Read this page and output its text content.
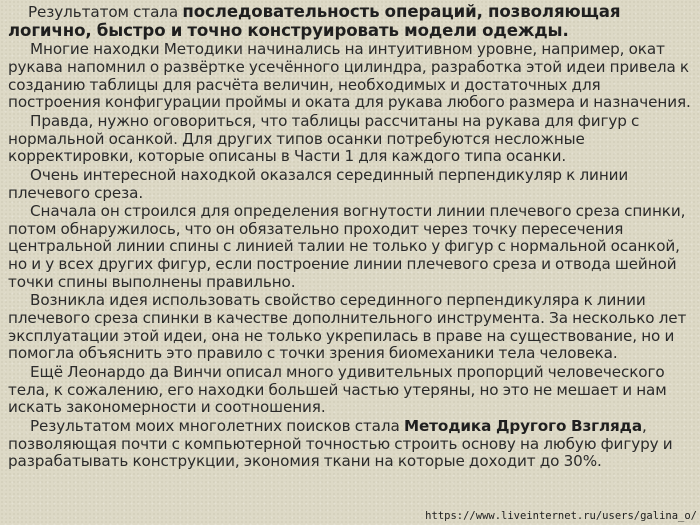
Результатом стала последовательность операций, позволяющая логично, быстро и точно конструировать модели одежды.

Многие находки Методики начинались на интуитивном уровне, например, окат рукава напомнил о развёртке усечённого цилиндра, разработка этой идеи привела к созданию таблицы для расчёта величин, необходимых и достаточных для построения конфигурации проймы и оката для рукава любого размера и назначения.

Правда, нужно оговориться, что таблицы рассчитаны на рукава для фигур с нормальной осанкой. Для других типов осанки потребуются несложные корректировки, которые описаны в Части 1 для каждого типа осанки.

Очень интересной находкой оказался серединный перпендикуляр к линии плечевого среза.

Сначала он строился для определения вогнутости линии плечевого среза спинки, потом обнаружилось, что он обязательно проходит через точку пересечения центральной линии спины с линией талии не только у фигур с нормальной осанкой, но и у всех других фигур, если построение линии плечевого среза и отвода шейной точки спины выполнены правильно.

Возникла идея использовать свойство серединного перпендикуляра к линии плечевого среза спинки в качестве дополнительного инструмента. За несколько лет эксплуатации этой идеи, она не только укрепилась в праве на существование, но и помогла объяснить это правило с точки зрения биомеханики тела человека.

Ещё Леонардо да Винчи описал много удивительных пропорций человеческого тела, к сожалению, его находки большей частью утеряны, но это не мешает и нам искать закономерности и соотношения.

Результатом моих многолетних поисков стала Методика Другого Взгляда, позволяющая почти с компьютерной точностью строить основу на любую фигуру и разрабатывать конструкции, экономия ткани на которые доходит до 30%.

https://www.liveinternet.ru/users/galina_o/
